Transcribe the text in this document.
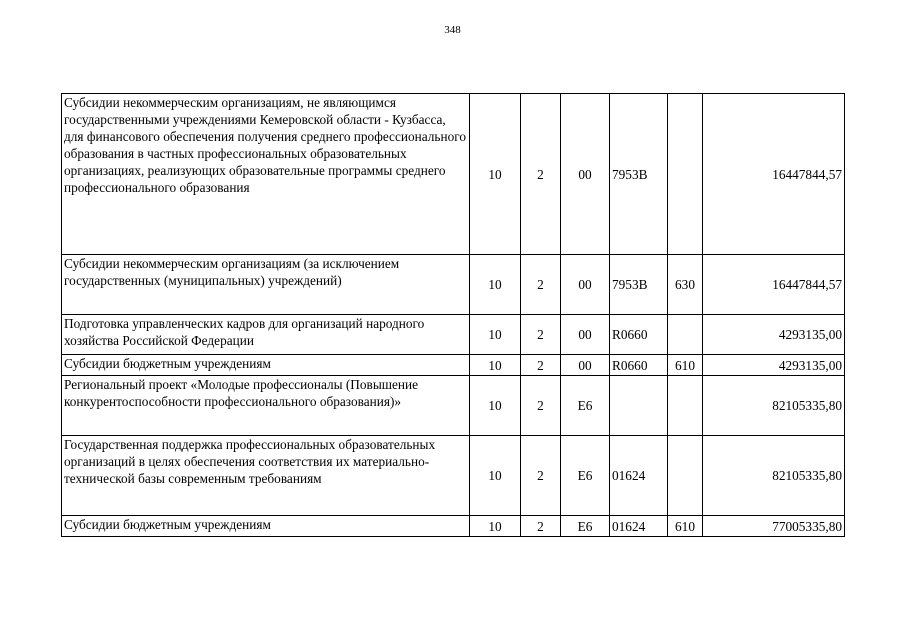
348
Субсидии некоммерческим организациям, не являющимся государственными учреждениями Кемеровской области - Кузбасса, для финансового обеспечения получения среднего профессионального образования в частных профессиональных образовательных организациях, реализующих образовательные программы среднего профессионального образования	10	2	00	7953B		16447844,57
Субсидии некоммерческим организациям (за исключением государственных (муниципальных) учреждений)	10	2	00	7953B	630	16447844,57
Подготовка управленческих кадров для организаций народного хозяйства Российской Федерации	10	2	00	R0660		4293135,00
Субсидии бюджетным учреждениям	10	2	00	R0660	610	4293135,00
Региональный проект «Молодые профессионалы (Повышение конкурентоспособности профессионального образования)»	10	2	E6			82105335,80
Государственная поддержка профессиональных образовательных организаций в целях обеспечения соответствия их материально-технической базы современным требованиям	10	2	E6	01624		82105335,80
Субсидии бюджетным учреждениям	10	2	E6	01624	610	77005335,80
